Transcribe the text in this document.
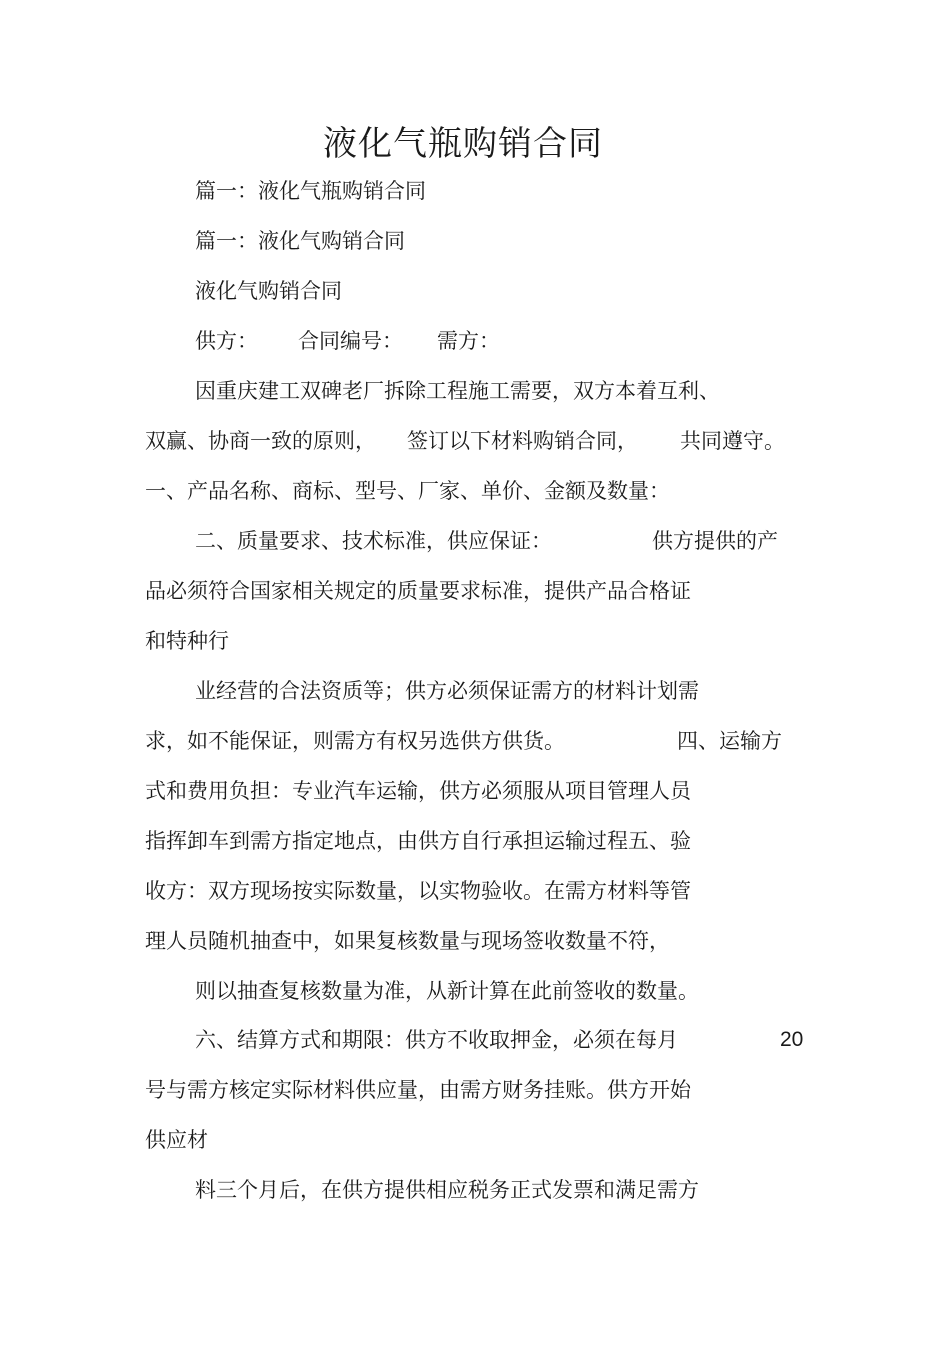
液化气瓶购销合同
篇一：液化气瓶购销合同
篇一：液化气购销合同
液化气购销合同
供方： 合同编号： 需方：
因重庆建工双碑老厂拆除工程施工需要，双方本着互利、
双赢、协商一致的原则， 签订以下材料购销合同， 共同遵守。
一、产品名称、商标、型号、厂家、单价、金额及数量：
二、质量要求、技术标准，供应保证：	供方提供的产
品必须符合国家相关规定的质量要求标准，提供产品合格证
和特种行
业经营的合法资质等；供方必须保证需方的材料计划需
求，如不能保证，则需方有权另选供方供货。	四、运输方
式和费用负担：专业汽车运输，供方必须服从项目管理人员
指挥卸车到需方指定地点，由供方自行承担运输过程五、验
收方：双方现场按实际数量，以实物验收。在需方材料等管
理人员随机抽查中，如果复核数量与现场签收数量不符，
则以抽查复核数量为准，从新计算在此前签收的数量。
六、结算方式和期限：供方不收取押金，必须在每月	20
号与需方核定实际材料供应量，由需方财务挂账。供方开始
供应材
料三个月后，在供方提供相应税务正式发票和满足需方
